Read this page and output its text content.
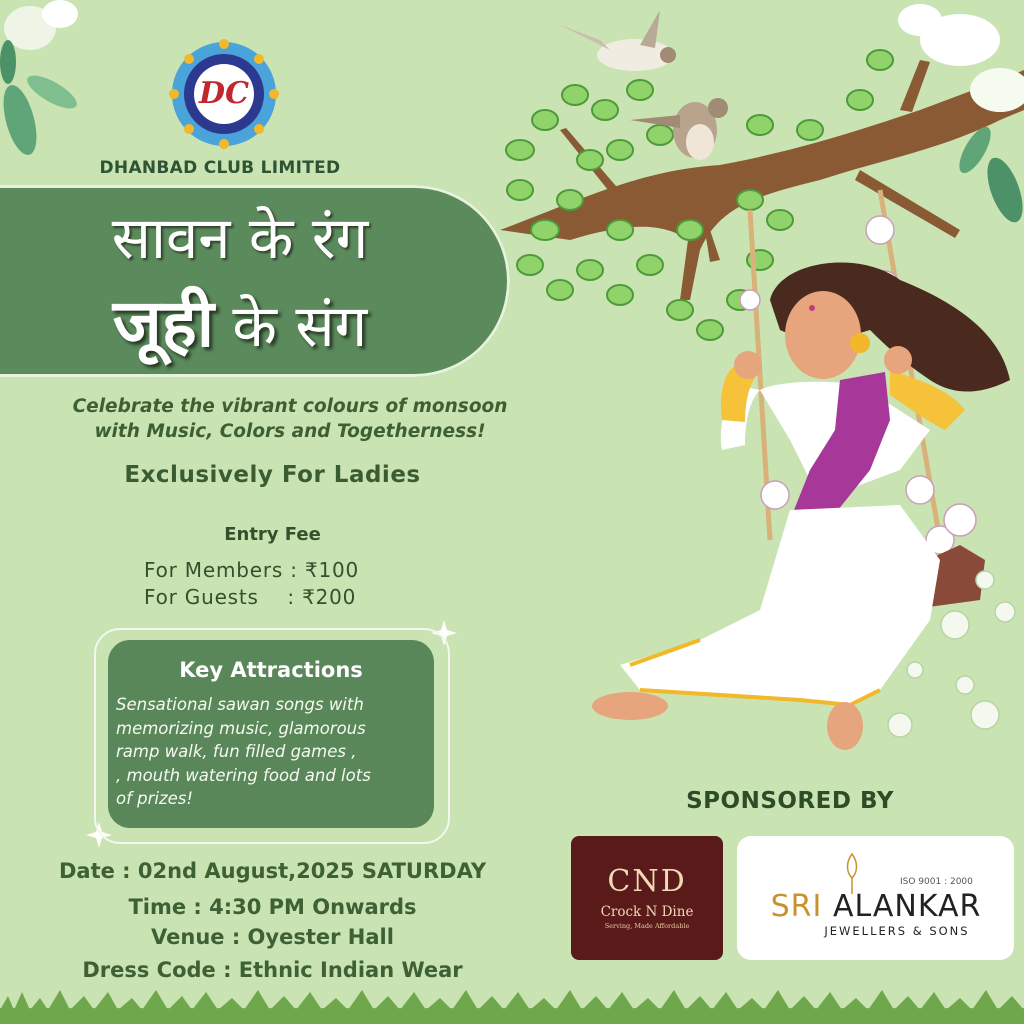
DC
DHANBAD CLUB LIMITED
सावन के रंग
जूही के संग
Celebrate the vibrant colours of monsoon
with Music, Colors and Togetherness!
Exclusively For Ladies
Entry Fee
For Members : ₹100
For Guests    : ₹200
Key Attractions
Sensational sawan songs with
memorizing music, glamorous
ramp walk, fun filled games ,
, mouth watering food and lots
of prizes!
Date : 02nd August,2025 SATURDAY
Time : 4:30 PM Onwards
Venue : Oyester Hall
Dress Code : Ethnic Indian Wear
SPONSORED BY
CND
Crock N Dine
Serving, Made Affordable
ISO 9001 : 2000
SRI ALANKAR
JEWELLERS & SONS
